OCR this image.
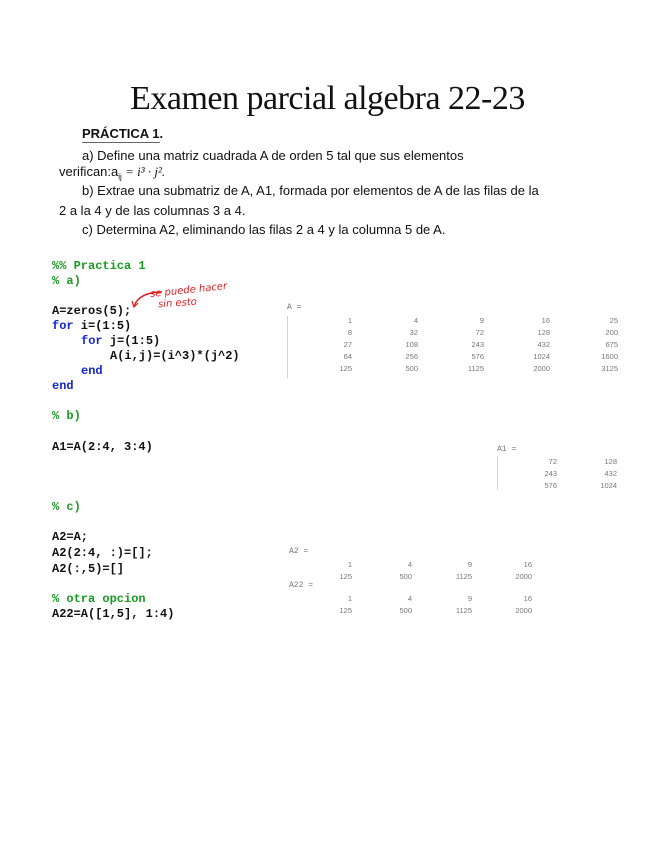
Examen parcial algebra 22-23
PRÁCTICA 1.
a) Define una matriz cuadrada A de orden 5 tal que sus elementos
$verifican:a_{ij} = i^3 \cdot j^2$.
b) Extrae una submatriz de A, A1, formada por elementos de A de las filas de la
2 a la 4 y de las columnas 3 a 4.
c) Determina A2, eliminando las filas 2 a 4 y la columna 5 de A.
%% Practica 1
% a)
A=zeros(5);
for i=(1:5)
for j=(1:5)
A(i,j)=(i^3)*(j^2)
end
end
se puede hacer
sin esto	A =
1	4	9	16	25
8	32	72	128	200
27	108	243	432	675
64	256	576	1024	1600
125	500	1125	2000	3125
% b)
A1=A(2:4, 3:4)	A1 =
72	128
243	432
576	1024
% c)
A2=A;
A2(2:4, :)=[];
A2(:,5)=[]
% otra opcion
A22=A([1,5], 1:4)
A2 =
1	4	9	16
125	500	1125	2000
A22 =
1	4	9	16
125	500	1125	2000
